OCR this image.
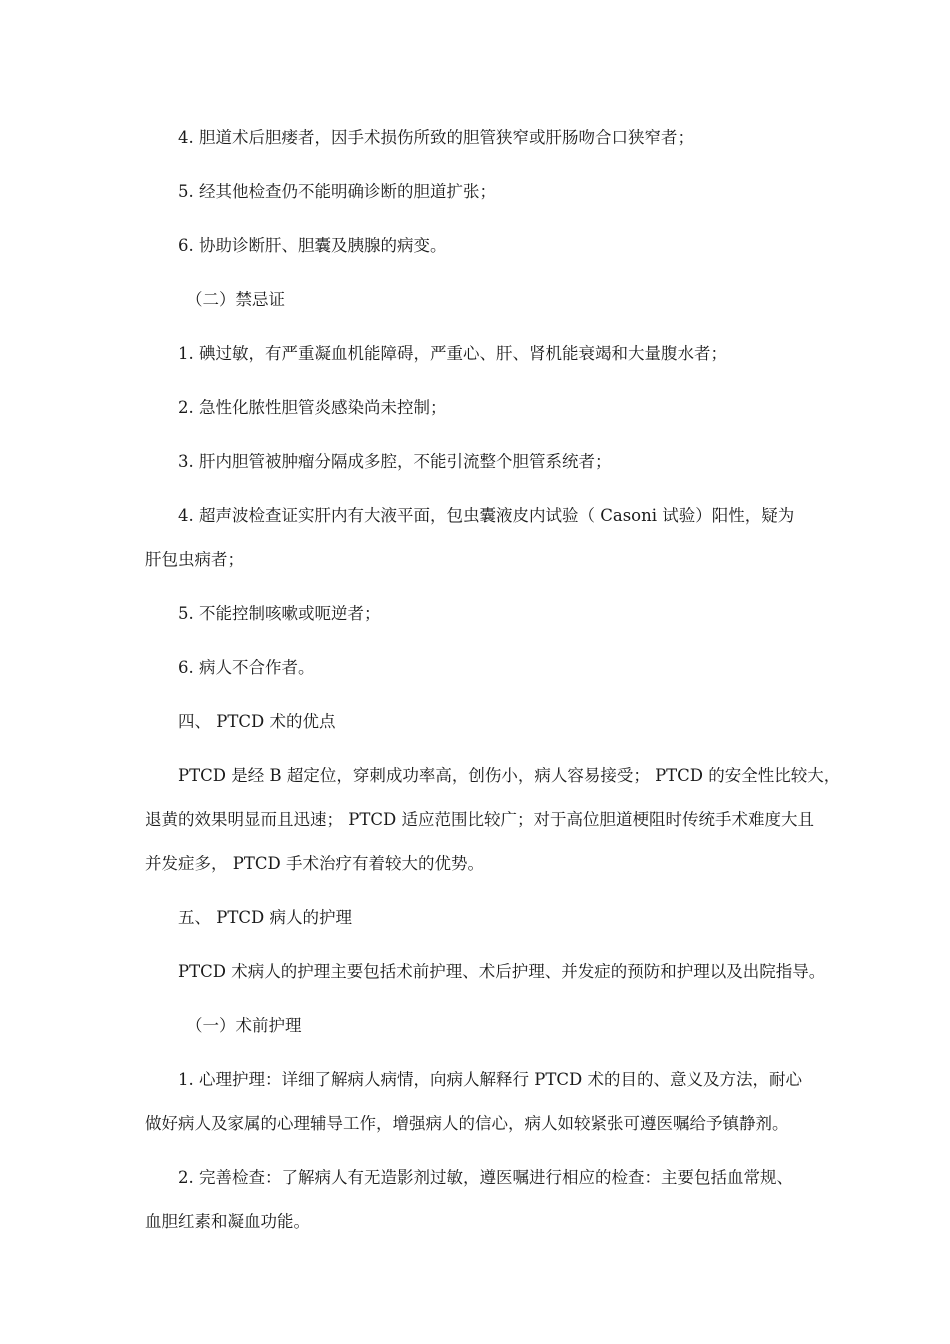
4. 胆道术后胆瘘者，因手术损伤所致的胆管狭窄或肝肠吻合口狭窄者；

5. 经其他检查仍不能明确诊断的胆道扩张；

6. 协助诊断肝、胆囊及胰腺的病变。

（二）禁忌证

1. 碘过敏，有严重凝血机能障碍，严重心、肝、肾机能衰竭和大量腹水者；

2. 急性化脓性胆管炎感染尚未控制；

3. 肝内胆管被肿瘤分隔成多腔，不能引流整个胆管系统者；

4. 超声波检查证实肝内有大液平面，包虫囊液皮内试验（ Casoni 试验）阳性，疑为

肝包虫病者；

5. 不能控制咳嗽或呃逆者；

6. 病人不合作者。

四、 PTCD 术的优点

PTCD 是经 B 超定位，穿刺成功率高，创伤小，病人容易接受； PTCD 的安全性比较大，

退黄的效果明显而且迅速； PTCD 适应范围比较广；对于高位胆道梗阻时传统手术难度大且

并发症多， PTCD 手术治疗有着较大的优势。

五、 PTCD 病人的护理

PTCD 术病人的护理主要包括术前护理、术后护理、并发症的预防和护理以及出院指导。

（一）术前护理

1. 心理护理：详细了解病人病情，向病人解释行 PTCD 术的目的、意义及方法，耐心

做好病人及家属的心理辅导工作，增强病人的信心，病人如较紧张可遵医嘱给予镇静剂。

2. 完善检查：了解病人有无造影剂过敏，遵医嘱进行相应的检查：主要包括血常规、

血胆红素和凝血功能。
